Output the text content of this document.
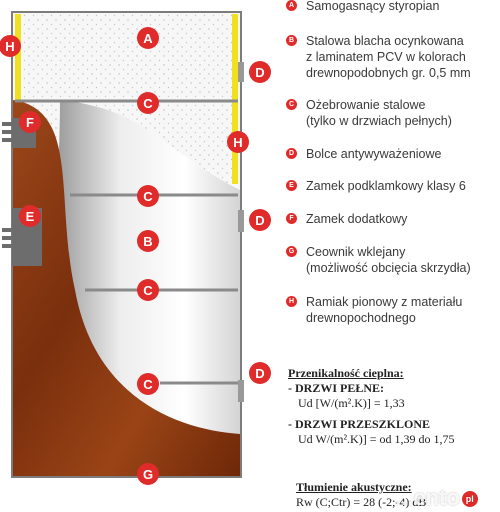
A
H
D
C
F
H
C
E	D
B
C
D
C
G
A Samogasnący styropian
B Stalowa blacha ocynkowana
z laminatem PCV w kolorach
drewnopodobnych gr. 0,5 mm
C Ożebrowanie stalowe
(tylko w drzwiach pełnych)
D Bolce antywyważeniowe
E Zamek podklamkowy klasy 6
F Zamek dodatkowy
G Ceownik wklejany
(możliwość obcięcia skrzydła)
H Ramiak pionowy z materiału
drewnopochodnego
Przenikalność cieplna:
- DRZWI PEŁNE:
Ud [W/(m².K)] = 1,33
- DRZWI PRZESZKLONE
Ud W/(m².K)] = od 1,39 do 1,75
Tłumienie akustyczne:
Rw (C;Ctr) = 28 (-2;-4) dB
...ento pl
